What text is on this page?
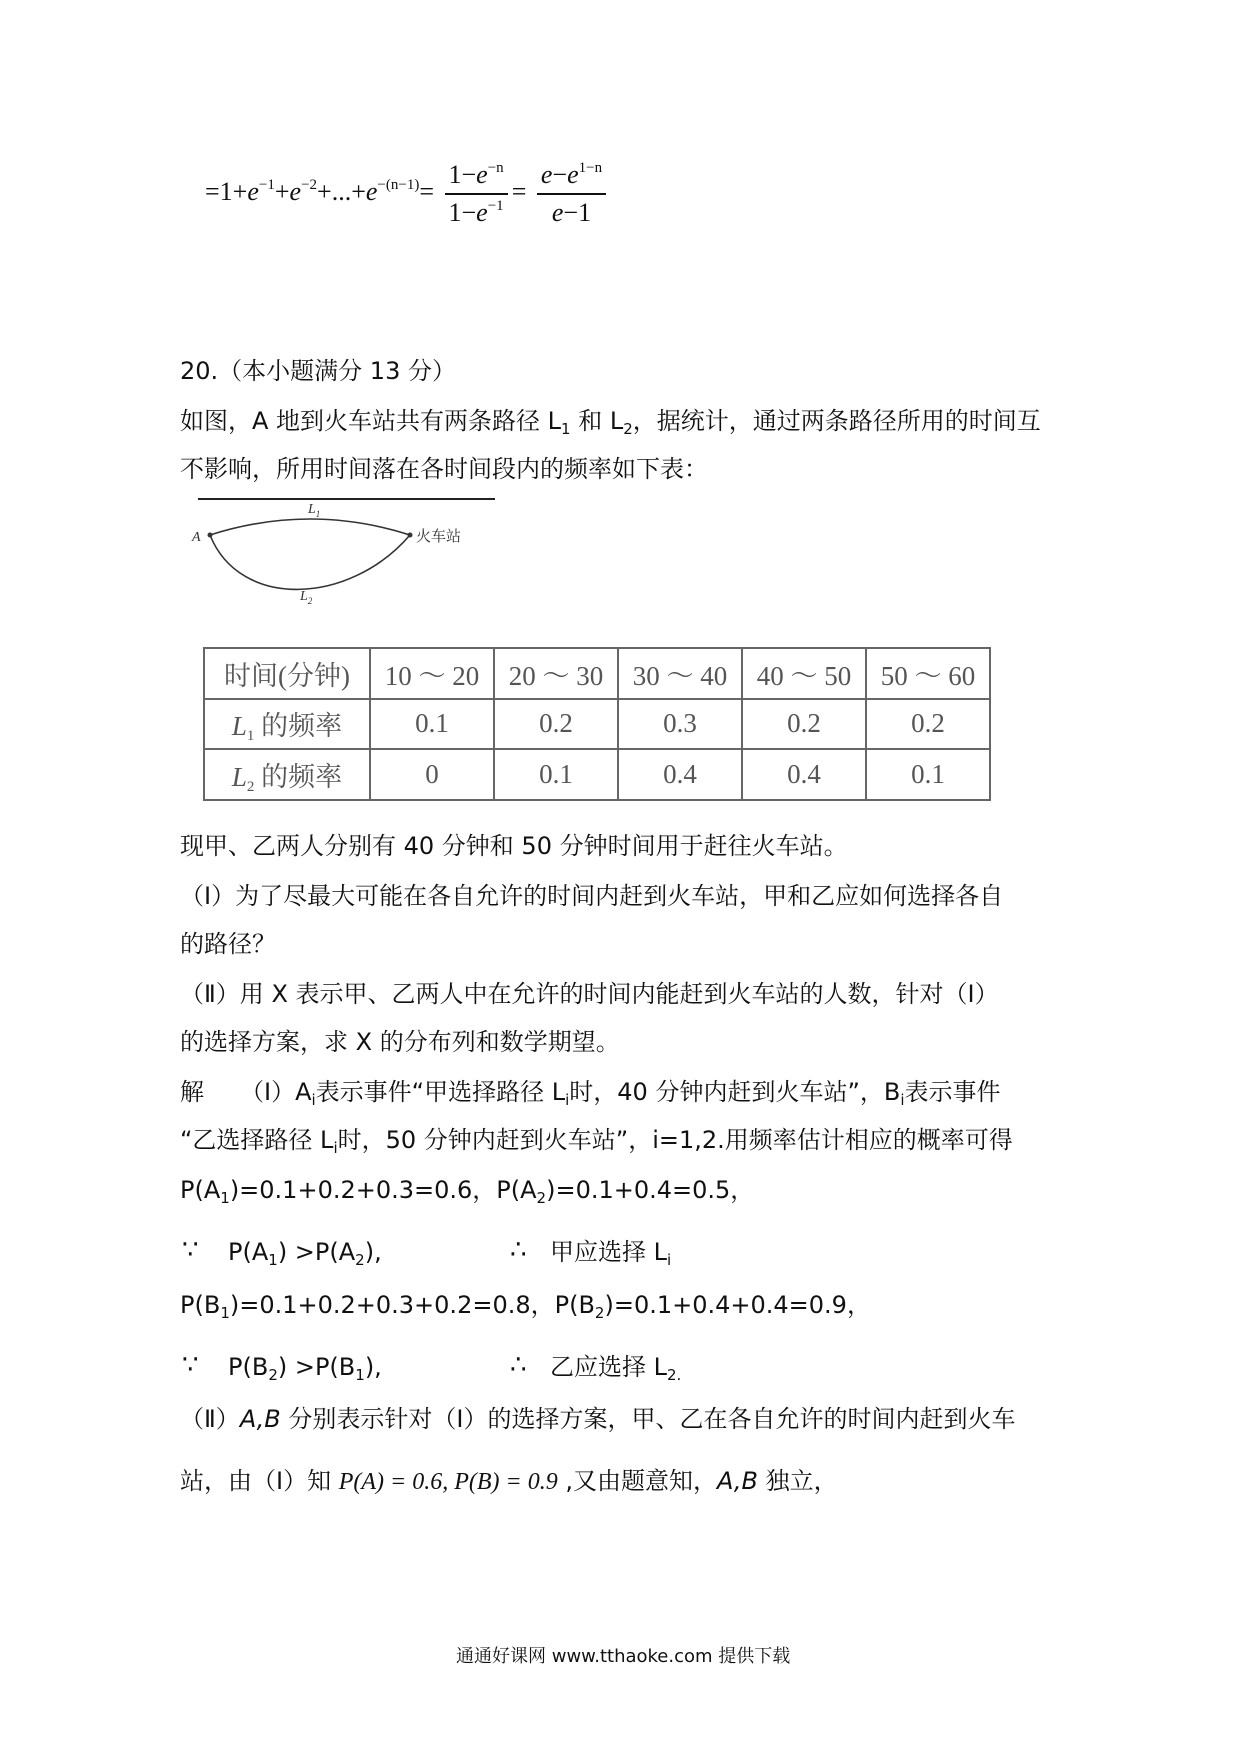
$=1+e^{-1}+e^{-2}+...+e^{-(n-1)}= \frac{1-e^{-n}}{1-e^{-1}} = \frac{e-e^{1-n}}{e-1}$
20.（本小题满分 13 分）
如图，A 地到火车站共有两条路径 $L_1$ 和 $L_2$，据统计，通过两条路径所用的时间互
不影响，所用时间落在各时间段内的频率如下表：
A
$L_1$
$L_2$
火车站
时间(分钟)	10 ～ 20	20 ～ 30	30 ～ 40	40 ～ 50	50 ～ 60
$L_1$ 的频率	0.1	0.2	0.3	0.2	0.2
$L_2$ 的频率	0	0.1	0.4	0.4	0.1
现甲、乙两人分别有 40 分钟和 50 分钟时间用于赶往火车站。
（Ⅰ）为了尽最大可能在各自允许的时间内赶到火车站，甲和乙应如何选择各自
的路径？
（Ⅱ）用 X 表示甲、乙两人中在允许的时间内能赶到火车站的人数，针对（Ⅰ）
的选择方案，求 X 的分布列和数学期望。
解　　$(Ⅰ)A_i$表示事件“甲选择路径 $L_i$时，40 分钟内赶到火车站”，$B_i$表示事件
“乙选择路径 $L_i$时，50 分钟内赶到火车站”，i=1,2.用频率估计相应的概率可得
$P(A_1)=0.1+0.2+0.3=0.6$，$P(A_2)=0.1+0.4=0.5$，
∵ $P(A_1) >P(A_2)$,	∴ 甲应选择 $L_i$
$P(B_1)=0.1+0.2+0.3+0.2=0.8$，$P(B_2)=0.1+0.4+0.4=0.9$，
∵ $P(B_2) >P(B_1)$,	∴ 乙应选择 $L_{2.}$
（Ⅱ）A,B 分别表示针对（Ⅰ）的选择方案，甲、乙在各自允许的时间内赶到火车
站，由（Ⅰ）知 P(A) = 0.6, P(B) = 0.9 ,又由题意知，A,B 独立，
通通好课网 www.tthaoke.com 提供下载
